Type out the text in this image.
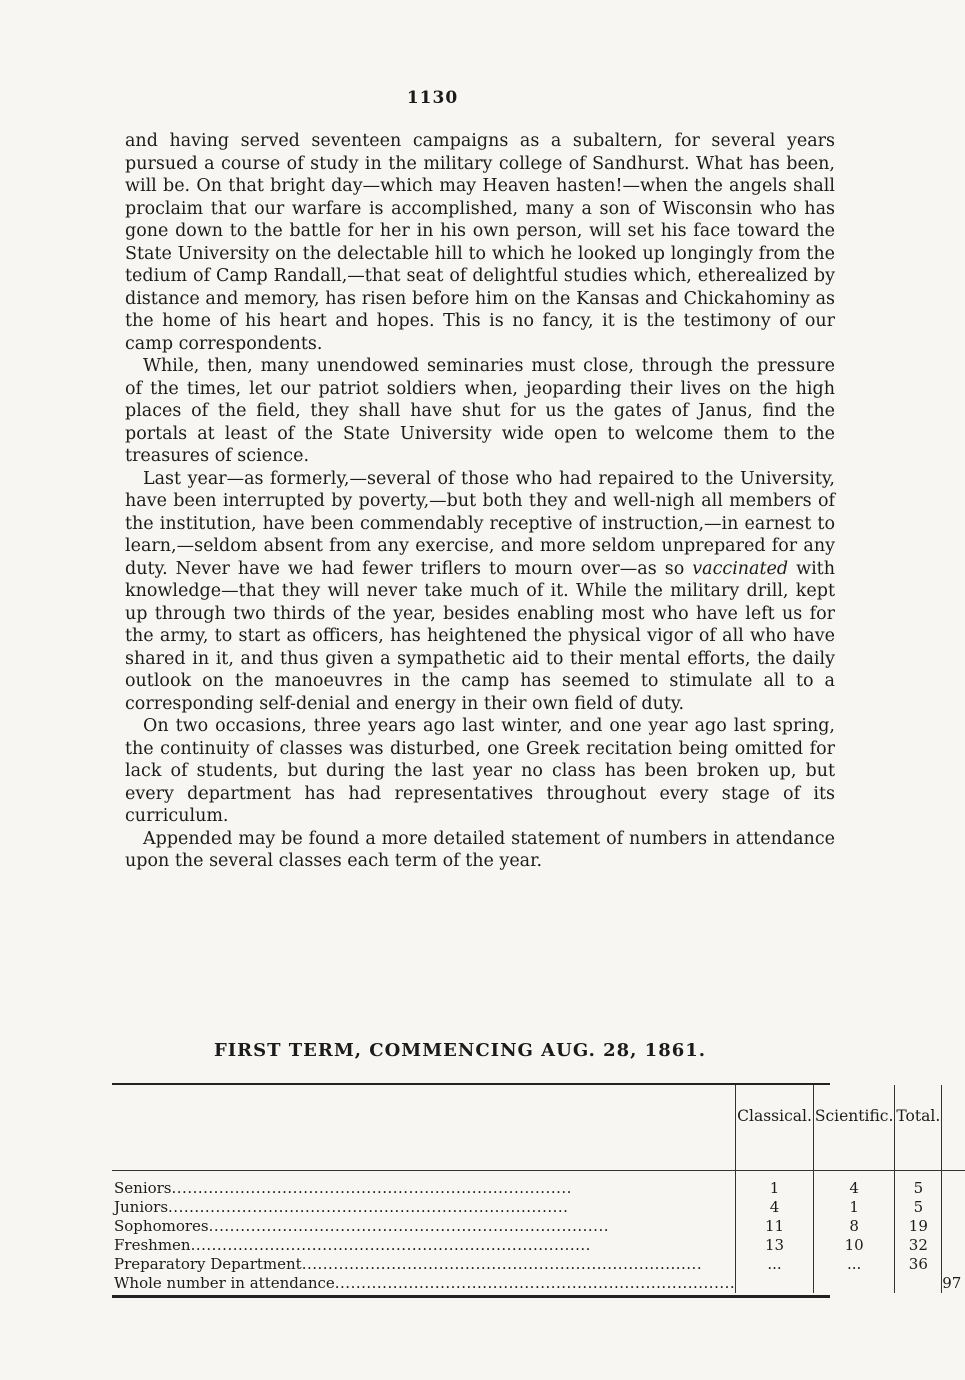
1130

and having served seventeen campaigns as a subaltern, for several years pursued a course of study in the military college of Sandhurst. What has been, will be. On that bright day—which may Heaven hasten!—when the angels shall proclaim that our warfare is accomplished, many a son of Wisconsin who has gone down to the battle for her in his own person, will set his face toward the State University on the delectable hill to which he looked up longingly from the tedium of Camp Randall,—that seat of delightful studies which, etherealized by distance and memory, has risen before him on the Kansas and Chickahominy as the home of his heart and hopes. This is no fancy, it is the testimony of our camp correspondents.

While, then, many unendowed seminaries must close, through the pressure of the times, let our patriot soldiers when, jeoparding their lives on the high places of the field, they shall have shut for us the gates of Janus, find the portals at least of the State University wide open to welcome them to the treasures of science.

Last year—as formerly,—several of those who had repaired to the University, have been interrupted by poverty,—but both they and well-nigh all members of the institution, have been commendably receptive of instruction,—in earnest to learn,—seldom absent from any exercise, and more seldom unprepared for any duty. Never have we had fewer triflers to mourn over—as so vaccinated with knowledge—that they will never take much of it. While the military drill, kept up through two thirds of the year, besides enabling most who have left us for the army, to start as officers, has heightened the physical vigor of all who have shared in it, and thus given a sympathetic aid to their mental efforts, the daily outlook on the manoeuvres in the camp has seemed to stimulate all to a corresponding self-denial and energy in their own field of duty.

On two occasions, three years ago last winter, and one year ago last spring, the continuity of classes was disturbed, one Greek recitation being omitted for lack of students, but during the last year no class has been broken up, but every department has had representatives throughout every stage of its curriculum.

Appended may be found a more detailed statement of numbers in attendance upon the several classes each term of the year.

FIRST TERM, COMMENCING AUG. 28, 1861.
	Classical.	Scientific.	Total.	
Seniors............................................................................	1	4	5	
Juniors............................................................................	4	1	5	
Sophomores............................................................................	11	8	19	
Freshmen............................................................................	13	10	32	
Preparatory Department............................................................................	...	...	36	
Whole number in attendance............................................................................				97
